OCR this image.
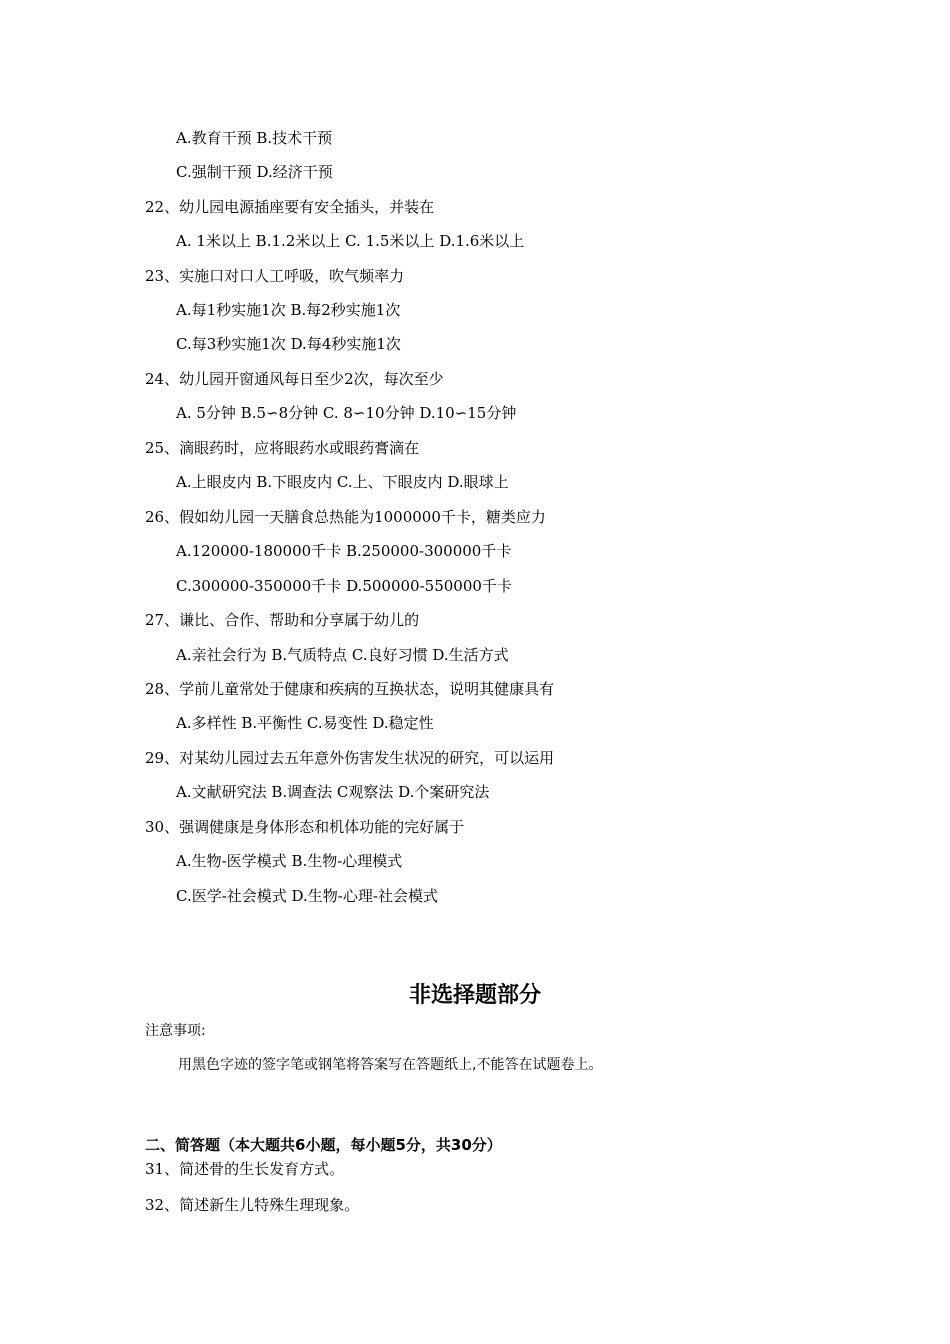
A.教育干预 B.技术干预
C.强制干预 D.经济干预
22、幼儿园电源插座要有安全插头，并装在
A. 1米以上 B.1.2米以上 C. 1.5米以上 D.1.6米以上
23、实施口对口人工呼吸，吹气频率力
A.每1秒实施1次 B.每2秒实施1次
C.每3秒实施1次 D.每4秒实施1次
24、幼儿园开窗通风每日至少2次，每次至少
A. 5分钟 B.5∽8分钟 C. 8∽10分钟 D.10∽15分钟
25、滴眼药时，应将眼药水或眼药膏滴在
A.上眼皮内 B.下眼皮内 C.上、下眼皮内 D.眼球上
26、假如幼儿园一天膳食总热能为1000000千卡，糖类应力
A.120000-180000千卡 B.250000-300000千卡
C.300000-350000千卡 D.500000-550000千卡
27、谦比、合作、帮助和分享属于幼儿的
A.亲社会行为 B.气质特点 C.良好习惯 D.生活方式
28、学前儿童常处于健康和疾病的互换状态，说明其健康具有
A.多样性 B.平衡性 C.易变性 D.稳定性
29、对某幼儿园过去五年意外伤害发生状况的研究，可以运用
A.文献研究法 B.调查法 C观察法 D.个案研究法
30、强调健康是身体形态和机体功能的完好属于
A.生物-医学模式 B.生物-心理模式
C.医学-社会模式 D.生物-心理-社会模式
非选择题部分
注意事项:
用黑色字迹的签字笔或钢笔将答案写在答题纸上,不能答在试题卷上。
二、简答题（本大题共6小题，每小题5分，共30分）
31、简述骨的生长发育方式。
32、简述新生儿特殊生理现象。
